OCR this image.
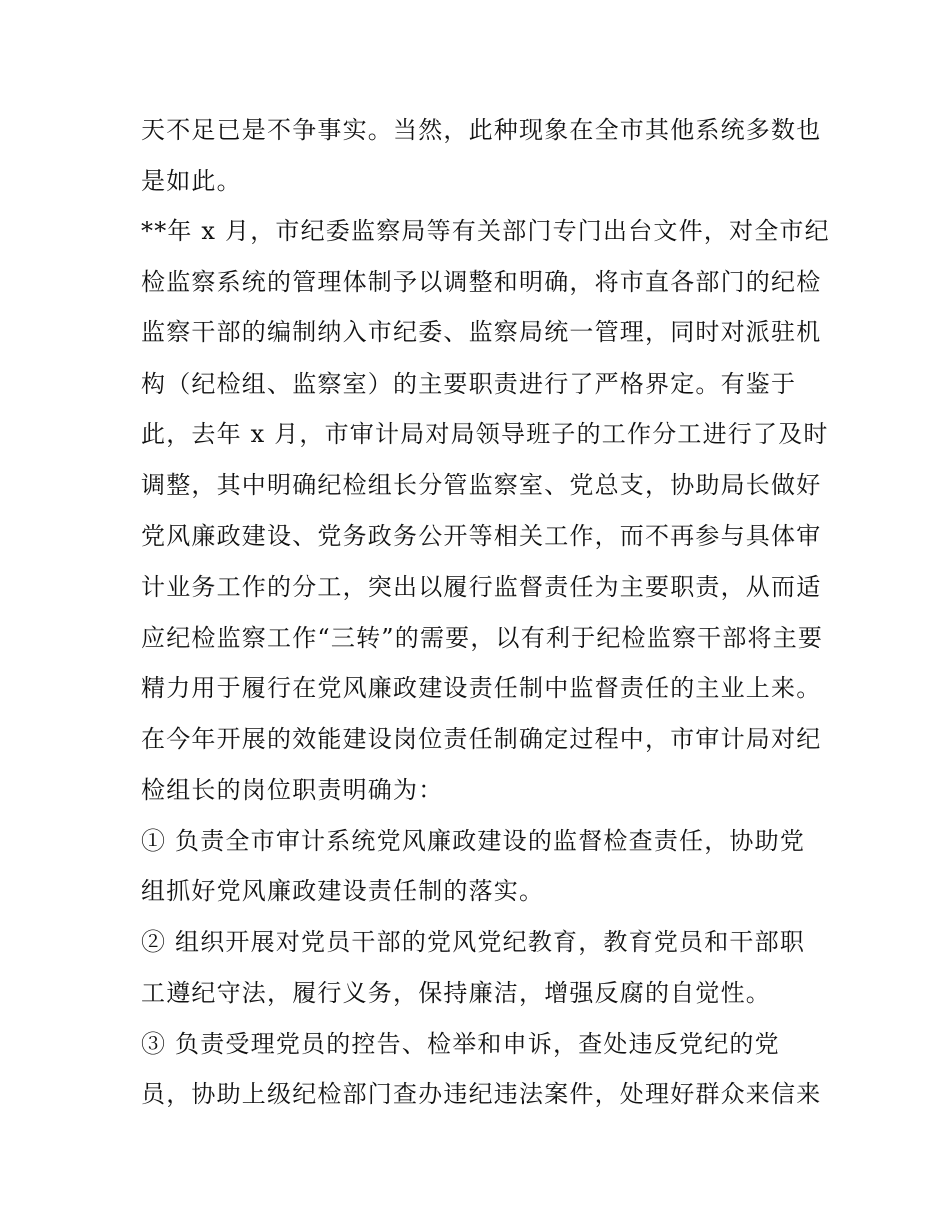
天不足已是不争事实。当然，此种现象在全市其他系统多数也
是如此。
**年 x 月，市纪委监察局等有关部门专门出台文件，对全市纪
检监察系统的管理体制予以调整和明确，将市直各部门的纪检
监察干部的编制纳入市纪委、监察局统一管理，同时对派驻机
构（纪检组、监察室）的主要职责进行了严格界定。有鉴于
此，去年 x 月，市审计局对局领导班子的工作分工进行了及时
调整，其中明确纪检组长分管监察室、党总支，协助局长做好
党风廉政建设、党务政务公开等相关工作，而不再参与具体审
计业务工作的分工，突出以履行监督责任为主要职责，从而适
应纪检监察工作“三转”的需要，以有利于纪检监察干部将主要
精力用于履行在党风廉政建设责任制中监督责任的主业上来。
在今年开展的效能建设岗位责任制确定过程中，市审计局对纪
检组长的岗位职责明确为：
① 负责全市审计系统党风廉政建设的监督检查责任，协助党
组抓好党风廉政建设责任制的落实。
② 组织开展对党员干部的党风党纪教育，教育党员和干部职
工遵纪守法，履行义务，保持廉洁，增强反腐的自觉性。
③ 负责受理党员的控告、检举和申诉，查处违反党纪的党
员，协助上级纪检部门查办违纪违法案件，处理好群众来信来
